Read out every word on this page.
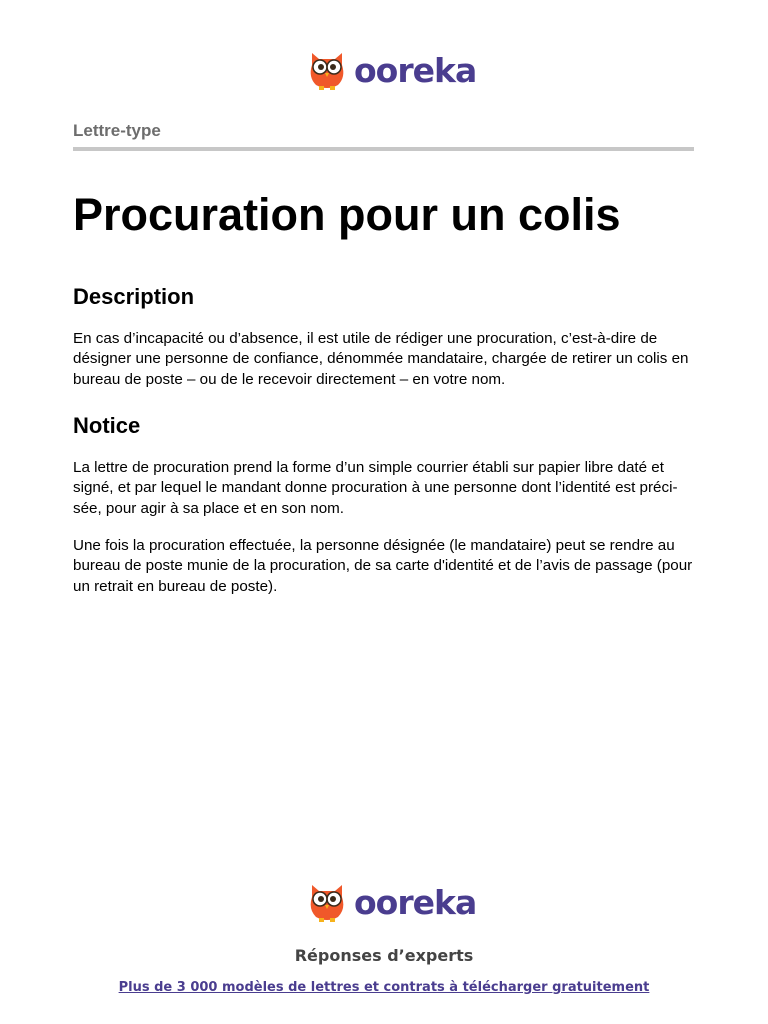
ooreka
Lettre-type
Procuration pour un colis
Description

En cas d’incapacité ou d’absence, il est utile de rédiger une procuration, c’est-à-dire de désigner une personne de confiance, dénommée mandataire, chargée de retirer un colis en bureau de poste – ou de le recevoir directement – en votre nom.

Notice

La lettre de procuration prend la forme d’un simple courrier établi sur papier libre daté et signé, et par lequel le mandant donne procuration à une personne dont l’identité est préci-sée, pour agir à sa place et en son nom.

Une fois la procuration effectuée, la personne désignée (le mandataire) peut se rendre au bureau de poste munie de la procuration, de sa carte d'identité et de l’avis de passage (pour un retrait en bureau de poste).

ooreka
Réponses d’experts
Plus de 3 000 modèles de lettres et contrats à télécharger gratuitement
